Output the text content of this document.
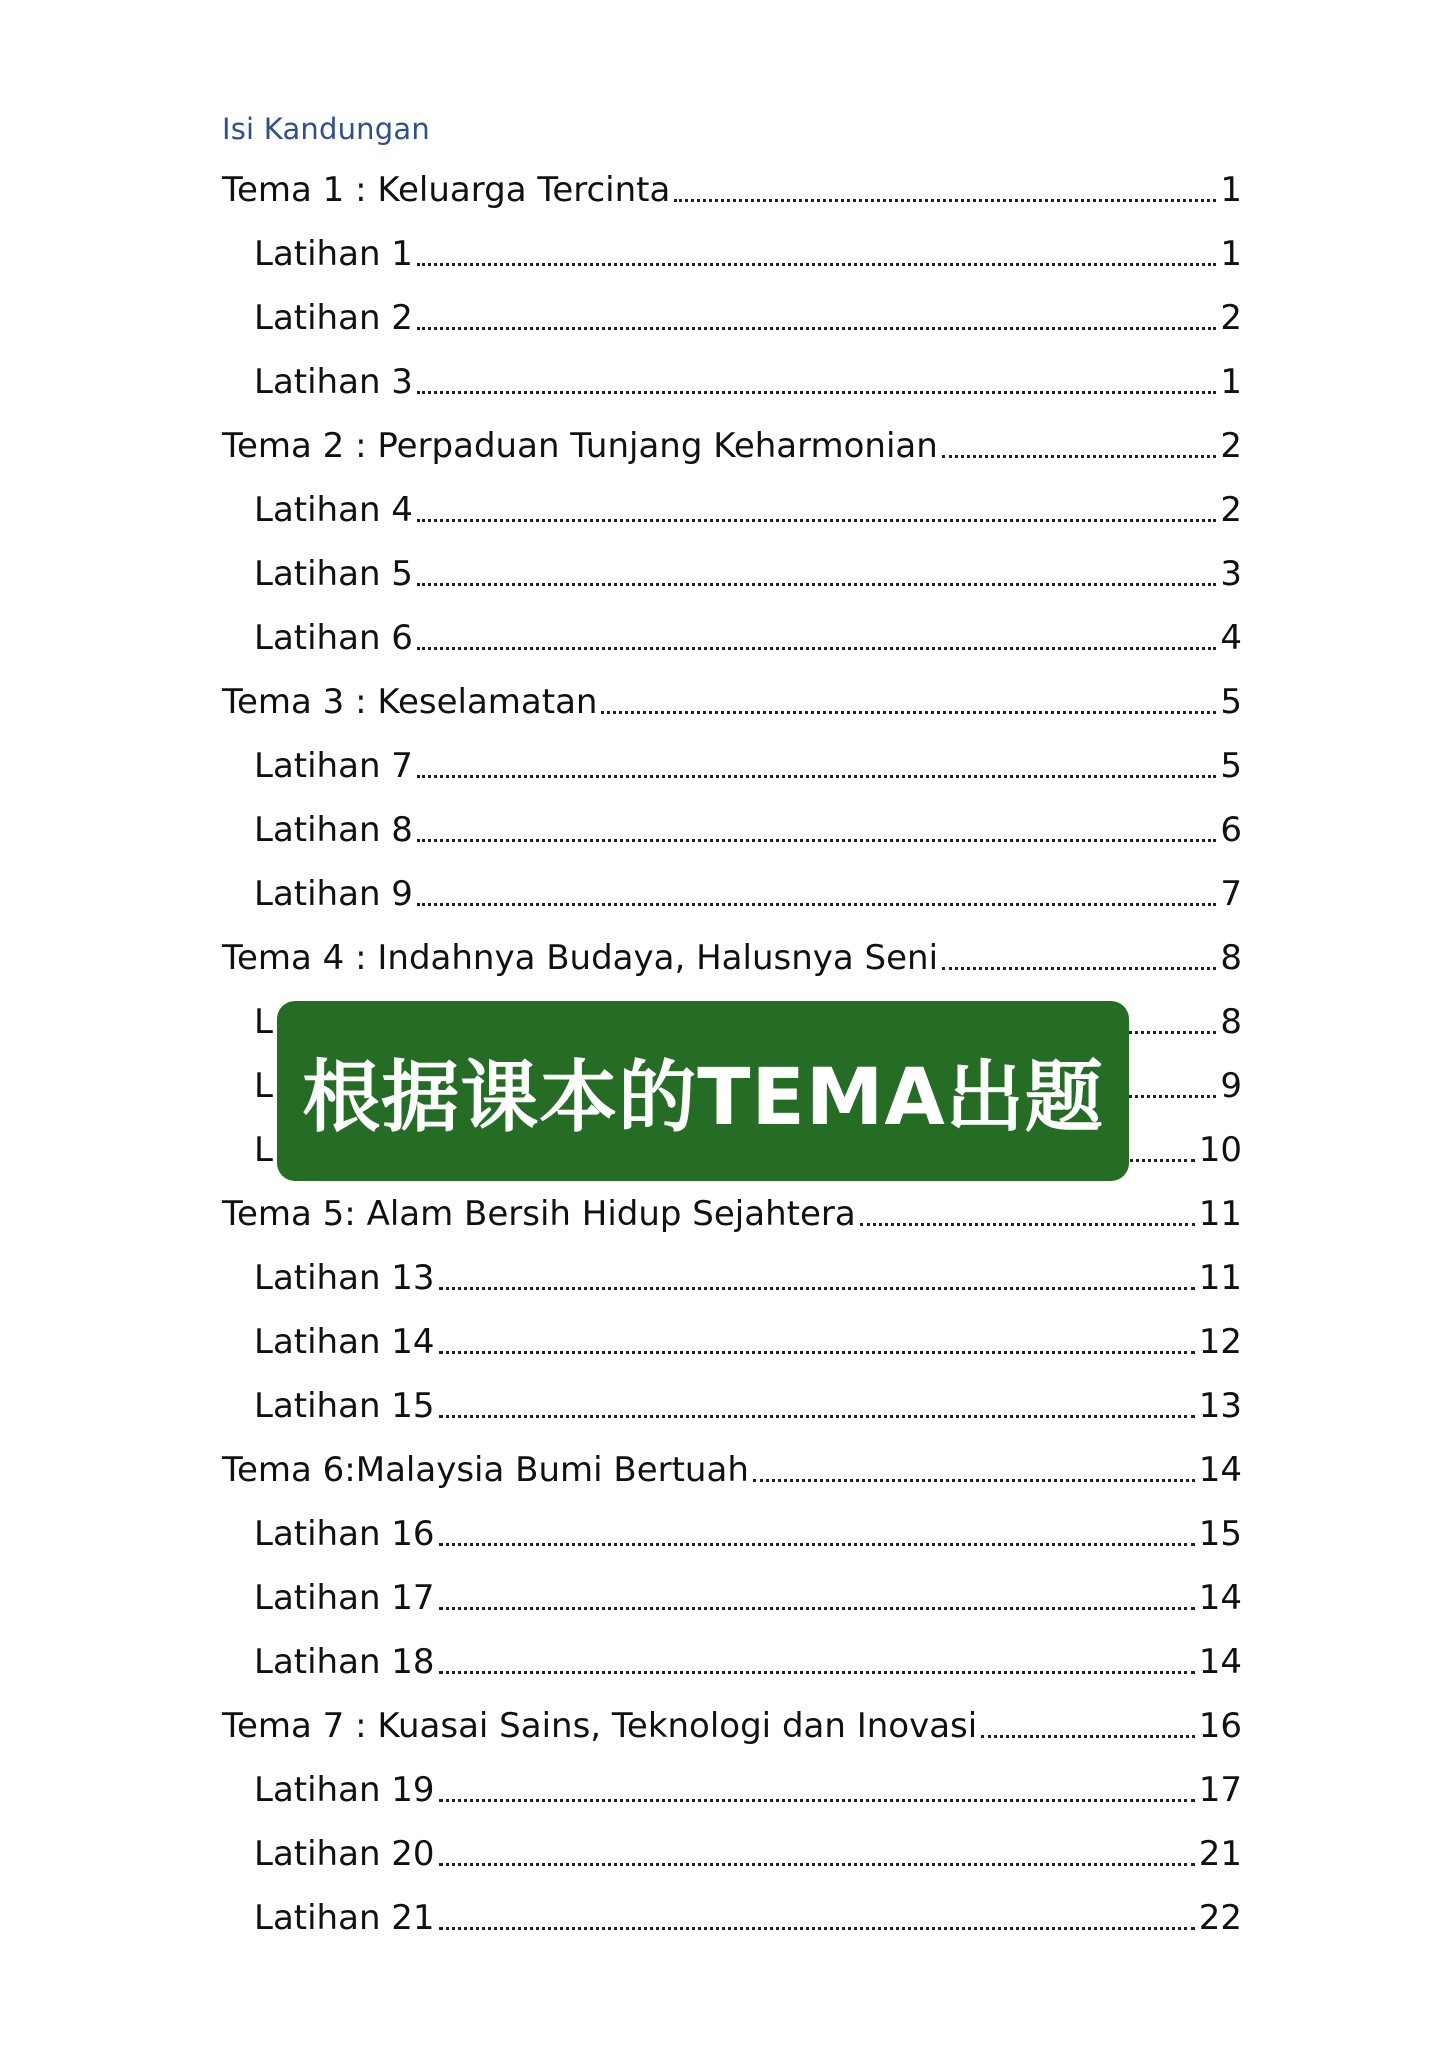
Isi Kandungan
Tema 1 : Keluarga Tercinta	1
Latihan 1	1
Latihan 2	2
Latihan 3	1
Tema 2 : Perpaduan Tunjang Keharmonian	2
Latihan 4	2
Latihan 5	3
Latihan 6	4
Tema 3 : Keselamatan	5
Latihan 7	5
Latihan 8	6
Latihan 9	7
Tema 4 : Indahnya Budaya, Halusnya Seni	8
L	8
L	9
L	10
Tema 5: Alam Bersih Hidup Sejahtera	11
Latihan 13	11
Latihan 14	12
Latihan 15	13
Tema 6:Malaysia Bumi Bertuah	14
Latihan 16	15
Latihan 17	14
Latihan 18	14
Tema 7 : Kuasai Sains, Teknologi dan Inovasi	16
Latihan 19	17
Latihan 20	21
Latihan 21	22
根据课本的TEMA出题
